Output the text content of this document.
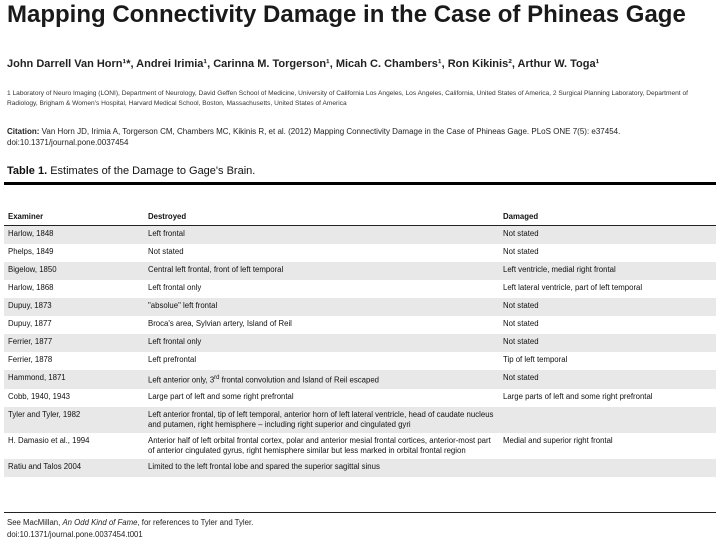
Mapping Connectivity Damage in the Case of Phineas Gage
John Darrell Van Horn¹*, Andrei Irimia¹, Carinna M. Torgerson¹, Micah C. Chambers¹, Ron Kikinis², Arthur W. Toga¹
1 Laboratory of Neuro Imaging (LONI), Department of Neurology, David Geffen School of Medicine, University of California Los Angeles, Los Angeles, California, United States of America, 2 Surgical Planning Laboratory, Department of Radiology, Brigham & Women's Hospital, Harvard Medical School, Boston, Massachusetts, United States of America
Citation: Van Horn JD, Irimia A, Torgerson CM, Chambers MC, Kikinis R, et al. (2012) Mapping Connectivity Damage in the Case of Phineas Gage. PLoS ONE 7(5): e37454. doi:10.1371/journal.pone.0037454
Table 1. Estimates of the Damage to Gage's Brain.
Examiner	Destroyed	Damaged
Harlow, 1848	Left frontal	Not stated
Phelps, 1849	Not stated	Not stated
Bigelow, 1850	Central left frontal, front of left temporal	Left ventricle, medial right frontal
Harlow, 1868	Left frontal only	Left lateral ventricle, part of left temporal
Dupuy, 1873	"absolue" left frontal	Not stated
Dupuy, 1877	Broca's area, Sylvian artery, Island of Reil	Not stated
Ferrier, 1877	Left frontal only	Not stated
Ferrier, 1878	Left prefrontal	Tip of left temporal
Hammond, 1871	Left anterior only, 3rd frontal convolution and Island of Reil escaped	Not stated
Cobb, 1940, 1943	Large part of left and some right prefrontal	Large parts of left and some right prefrontal
Tyler and Tyler, 1982	Left anterior frontal, tip of left temporal, anterior horn of left lateral ventricle, head of caudate nucleus and putamen, right hemisphere – including right superior and cingulated gyri	
H. Damasio et al., 1994	Anterior half of left orbital frontal cortex, polar and anterior mesial frontal cortices, anterior-most part of anterior cingulated gyrus, right hemisphere similar but less marked in orbital frontal region	Medial and superior right frontal
Ratiu and Talos 2004	Limited to the left frontal lobe and spared the superior sagittal sinus	
See MacMillan, An Odd Kind of Fame, for references to Tyler and Tyler.
doi:10.1371/journal.pone.0037454.t001
